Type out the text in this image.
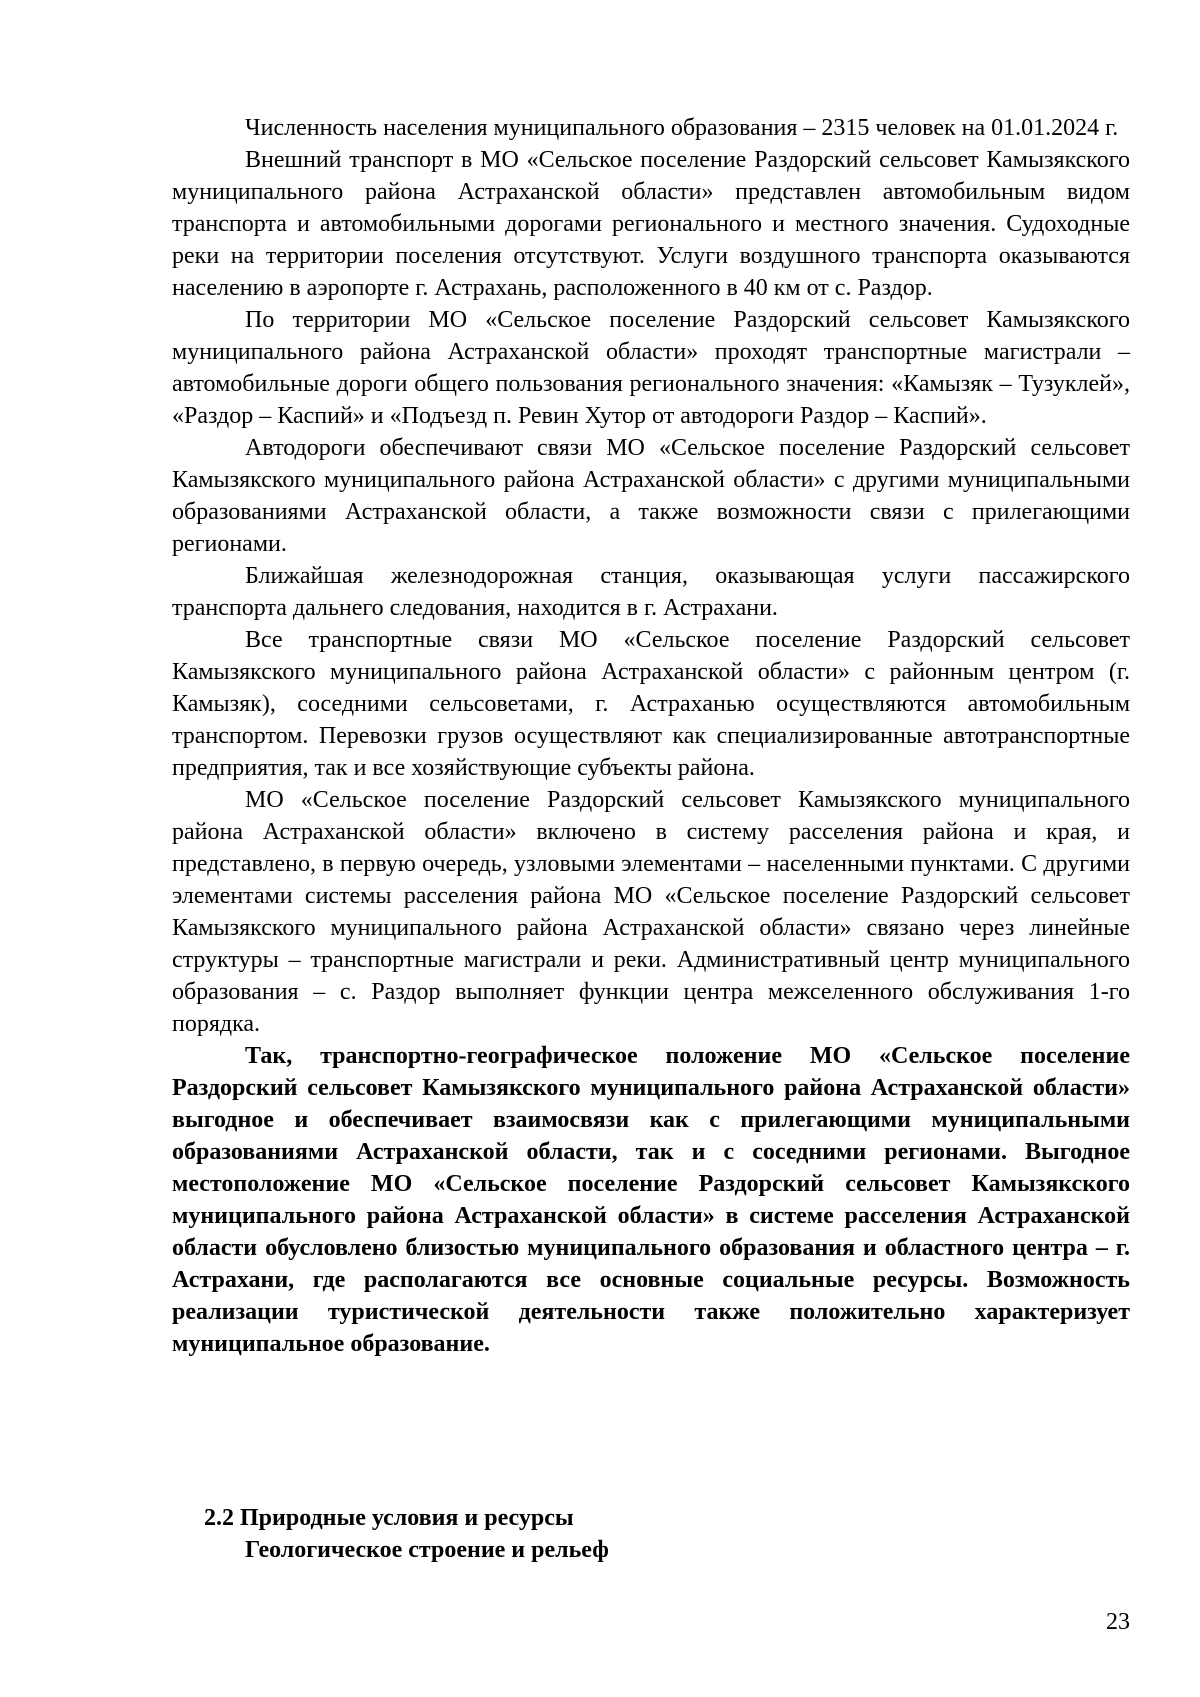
Численность населения муниципального образования – 2315 человек на 01.01.2024 г.

Внешний транспорт в МО «Сельское поселение Раздорский сельсовет Камызякского муниципального района Астраханской области» представлен автомобильным видом транспорта и автомобильными дорогами регионального и местного значения. Судоходные реки на территории поселения отсутствуют. Услуги воздушного транспорта оказываются населению в аэропорте г. Астрахань, расположенного в 40 км от с. Раздор.

По территории МО «Сельское поселение Раздорский сельсовет Камызякского муниципального района Астраханской области» проходят транспортные магистрали – автомобильные дороги общего пользования регионального значения: «Камызяк – Тузуклей», «Раздор – Каспий» и «Подъезд п. Ревин Хутор от автодороги Раздор – Каспий».

Автодороги обеспечивают связи МО «Сельское поселение Раздорский сельсовет Камызякского муниципального района Астраханской области» с другими муниципальными образованиями Астраханской области, а также возможности связи с прилегающими регионами.

Ближайшая железнодорожная станция, оказывающая услуги пассажирского транспорта дальнего следования, находится в г. Астрахани.

Все транспортные связи МО «Сельское поселение Раздорский сельсовет Камызякского муниципального района Астраханской области» с районным центром (г. Камызяк), соседними сельсоветами, г. Астраханью осуществляются автомобильным транспортом. Перевозки грузов осуществляют как специализированные автотранспортные предприятия, так и все хозяйствующие субъекты района.

МО «Сельское поселение Раздорский сельсовет Камызякского муниципального района Астраханской области» включено в систему расселения района и края, и представлено, в первую очередь, узловыми элементами – населенными пунктами. С другими элементами системы расселения района МО «Сельское поселение Раздорский сельсовет Камызякского муниципального района Астраханской области» связано через линейные структуры – транспортные магистрали и реки. Административный центр муниципального образования – с. Раздор выполняет функции центра межселенного обслуживания 1-го порядка.

Так, транспортно-географическое положение МО «Сельское поселение Раздорский сельсовет Камызякского муниципального района Астраханской области» выгодное и обеспечивает взаимосвязи как с прилегающими муниципальными образованиями Астраханской области, так и с соседними регионами. Выгодное местоположение МО «Сельское поселение Раздорский сельсовет Камызякского муниципального района Астраханской области» в системе расселения Астраханской области обусловлено близостью муниципального образования и областного центра – г. Астрахани, где располагаются все основные социальные ресурсы. Возможность реализации туристической деятельности также положительно характеризует муниципальное образование.

2.2 Природные условия и ресурсы
Геологическое строение и рельеф
23
